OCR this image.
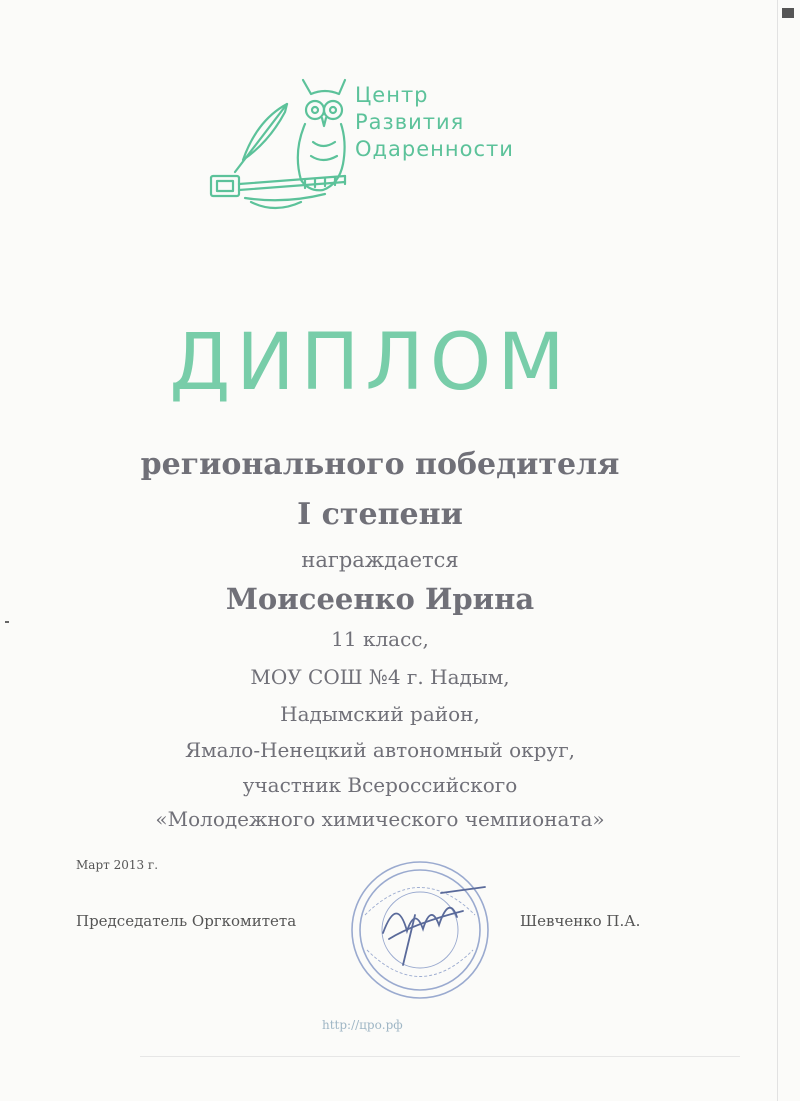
Центр
Развития
Одаренности
ДИПЛОМ
регионального победителя
I степени
награждается
Моисеенко Ирина
11 класс,
МОУ СОШ №4 г. Надым,
Надымский район,
Ямало-Ненецкий автономный округ,
участник Всероссийского
«Молодежного химического чемпионата»
Март 2013 г.
Председатель Оргкомитета	Шевченко П.А.
http://цро.рф
